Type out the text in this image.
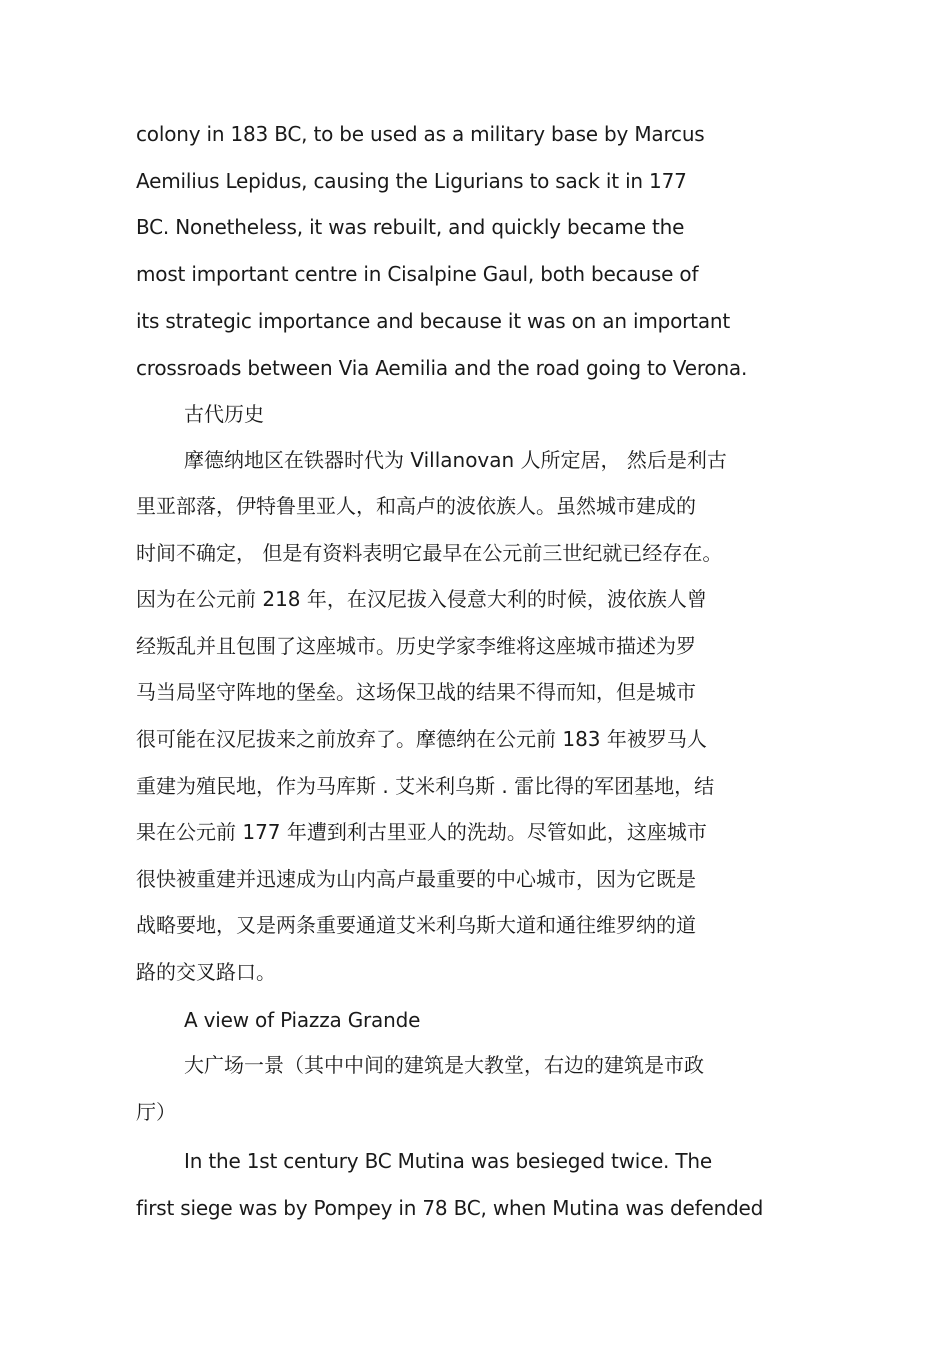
colony in 183 BC, to be used as a military base by Marcus
Aemilius Lepidus, causing the Ligurians to sack it in 177
BC. Nonetheless, it was rebuilt, and quickly became the
most important centre in Cisalpine Gaul, both because of
its strategic importance and because it was on an important
crossroads between Via Aemilia and the road going to Verona.
古代历史
摩德纳地区在铁器时代为 Villanovan 人所定居， 然后是利古
里亚部落，伊特鲁里亚人，和高卢的波依族人。虽然城市建成的
时间不确定， 但是有资料表明它最早在公元前三世纪就已经存在。
因为在公元前 218 年，在汉尼拔入侵意大利的时候，波依族人曾
经叛乱并且包围了这座城市。历史学家李维将这座城市描述为罗
马当局坚守阵地的堡垒。这场保卫战的结果不得而知，但是城市
很可能在汉尼拔来之前放弃了。摩德纳在公元前 183 年被罗马人
重建为殖民地，作为马库斯 . 艾米利乌斯 . 雷比得的军团基地，结
果在公元前 177 年遭到利古里亚人的洗劫。尽管如此，这座城市
很快被重建并迅速成为山内高卢最重要的中心城市，因为它既是
战略要地，又是两条重要通道艾米利乌斯大道和通往维罗纳的道
路的交叉路口。
A view of Piazza Grande
大广场一景（其中中间的建筑是大教堂，右边的建筑是市政
厅）
In the 1st century BC Mutina was besieged twice. The
first siege was by Pompey in 78 BC, when Mutina was defended
